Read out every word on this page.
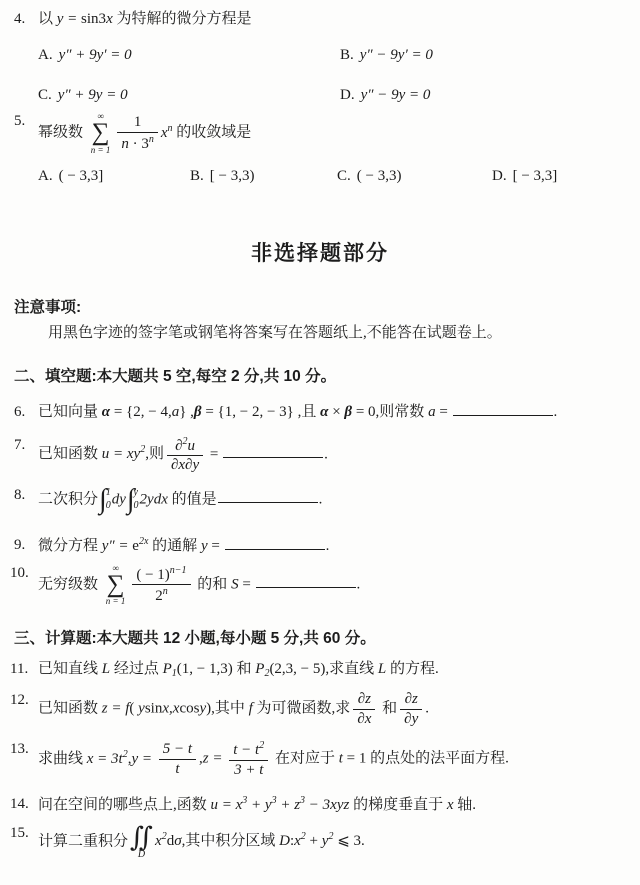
4. 以 y = sin3x 为特解的微分方程是
A. y″ + 9y′ = 0	B. y″ − 9y′ = 0
C. y″ + 9y = 0	D. y″ − 9y = 0
5.
幂级数
∞
∑
$n = 1 \frac{1}{n \cdot 3^n} x^n$ 的收敛域是
A. ( − 3,3]	B. [ − 3,3)	C. ( − 3,3)	D. [ − 3,3]
非选择题部分
注意事项:
用黑色字迹的签字笔或钢笔将答案写在答题纸上,不能答在试题卷上。
二、填空题:本大题共 5 空,每空 2 分,共 10 分。
6. 已知向量 α = {2, − 4,a} ,β = {1, − 2, − 3} ,且 α × β = 0,则常数 a =	.
7.
已知函数 $u = xy^2$,则 $\frac{\partial^2u}{\partial x\partial y}$ =	.
8. 二次积分 ∫ 1
0 dy ∫ y
0 2ydx 的值是	.
9. 微分方程 $y'' = e^{2x}$ 的通解 y =	.
10.
无穷级数
∞
∑
$n = 1 \frac{( - 1)^{n-1}}{2^n}$ 的和 S =	.
三、计算题:本大题共 12 小题,每小题 5 分,共 60 分。
11. 已知直线 L 经过点 $P_1(1$, − 1,3) 和 $P_2(2,3$, − 5),求直线 L 的方程.
12.
已知函数 z = f( ysinx,xcosy),其中 f 为可微函数,求 $\frac{\partial z}{\partial x}$ 和 $\frac{\partial z}{\partial y}$ .
13.
求曲线 $x = 3t^2,y = \frac{5 - t}{t} ,z = \frac{t - t^2}{3 + t}$ 在对应于 t = 1 的点处的法平面方程.
14. 问在空间的哪些点上,函数 $u = x^3 + y^3 + z^3 - 3xyz$ 的梯度垂直于 x 轴.
15.
计算二重积分 ∬
D
$x^2d\sigma$,其中积分区域 $D:x^2 + y^2$ ⩽ 3.
